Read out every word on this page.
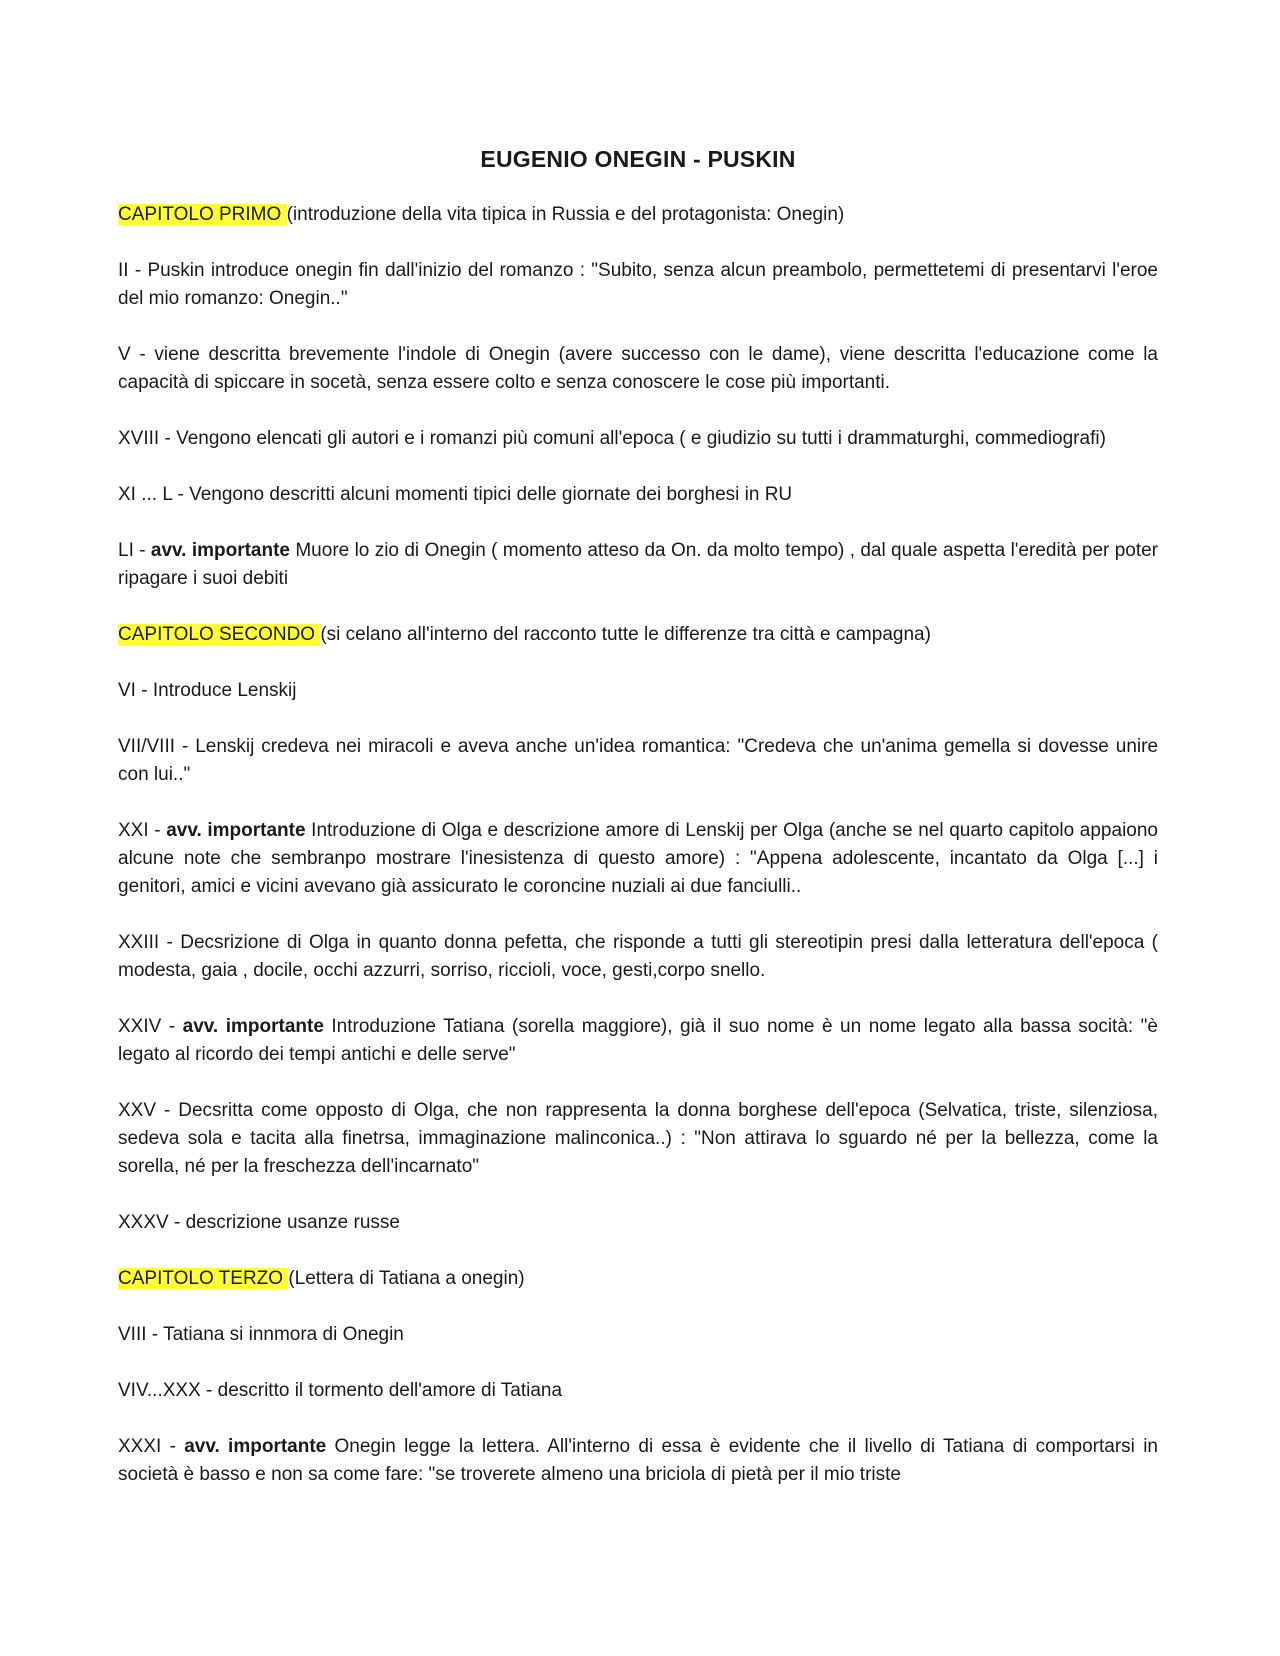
EUGENIO ONEGIN - PUSKIN

CAPITOLO PRIMO (introduzione della vita tipica in Russia e del protagonista: Onegin)

II - Puskin introduce onegin fin dall'inizio del romanzo : "Subito, senza alcun preambolo, permettetemi di presentarvi l'eroe del mio romanzo: Onegin.."

V - viene descritta brevemente l'indole di Onegin (avere successo con le dame), viene descritta l'educazione come la capacità di spiccare in socetà, senza essere colto e senza conoscere le cose più importanti.

XVIII - Vengono elencati gli autori e i romanzi più comuni all'epoca ( e giudizio su tutti i drammaturghi, commediografi)

XI ... L - Vengono descritti alcuni momenti tipici delle giornate dei borghesi in RU

LI - avv. importante Muore lo zio di Onegin ( momento atteso da On. da molto tempo) , dal quale aspetta l'eredità per poter ripagare i suoi debiti

CAPITOLO SECONDO (si celano all'interno del racconto tutte le differenze tra città e campagna)

VI - Introduce Lenskij

VII/VIII - Lenskij credeva nei miracoli e aveva anche un'idea romantica: "Credeva che un'anima gemella si dovesse unire con lui.."

XXI - avv. importante Introduzione di Olga e descrizione amore di Lenskij per Olga (anche se nel quarto capitolo appaiono alcune note che sembranpo mostrare l'inesistenza di questo amore) : "Appena adolescente, incantato da Olga [...] i genitori, amici e vicini avevano già assicurato le coroncine nuziali ai due fanciulli..

XXIII - Decsrizione di Olga in quanto donna pefetta, che risponde a tutti gli stereotipin presi dalla letteratura dell'epoca ( modesta, gaia , docile, occhi azzurri, sorriso, riccioli, voce, gesti,corpo snello.

XXIV - avv. importante Introduzione Tatiana (sorella maggiore), già il suo nome è un nome legato alla bassa socità: "è legato al ricordo dei tempi antichi e delle serve"

XXV - Decsritta come opposto di Olga, che non rappresenta la donna borghese dell'epoca (Selvatica, triste, silenziosa, sedeva sola e tacita alla finetrsa, immaginazione malinconica..) : "Non attirava lo sguardo né per la bellezza, come la sorella, né per la freschezza dell'incarnato"

XXXV - descrizione usanze russe

CAPITOLO TERZO (Lettera di Tatiana a onegin)

VIII - Tatiana si innmora di Onegin

VIV...XXX - descritto il tormento dell'amore di Tatiana

XXXI - avv. importante Onegin legge la lettera. All'interno di essa è evidente che il livello di Tatiana di comportarsi in società è basso e non sa come fare: "se troverete almeno una briciola di pietà per il mio triste
